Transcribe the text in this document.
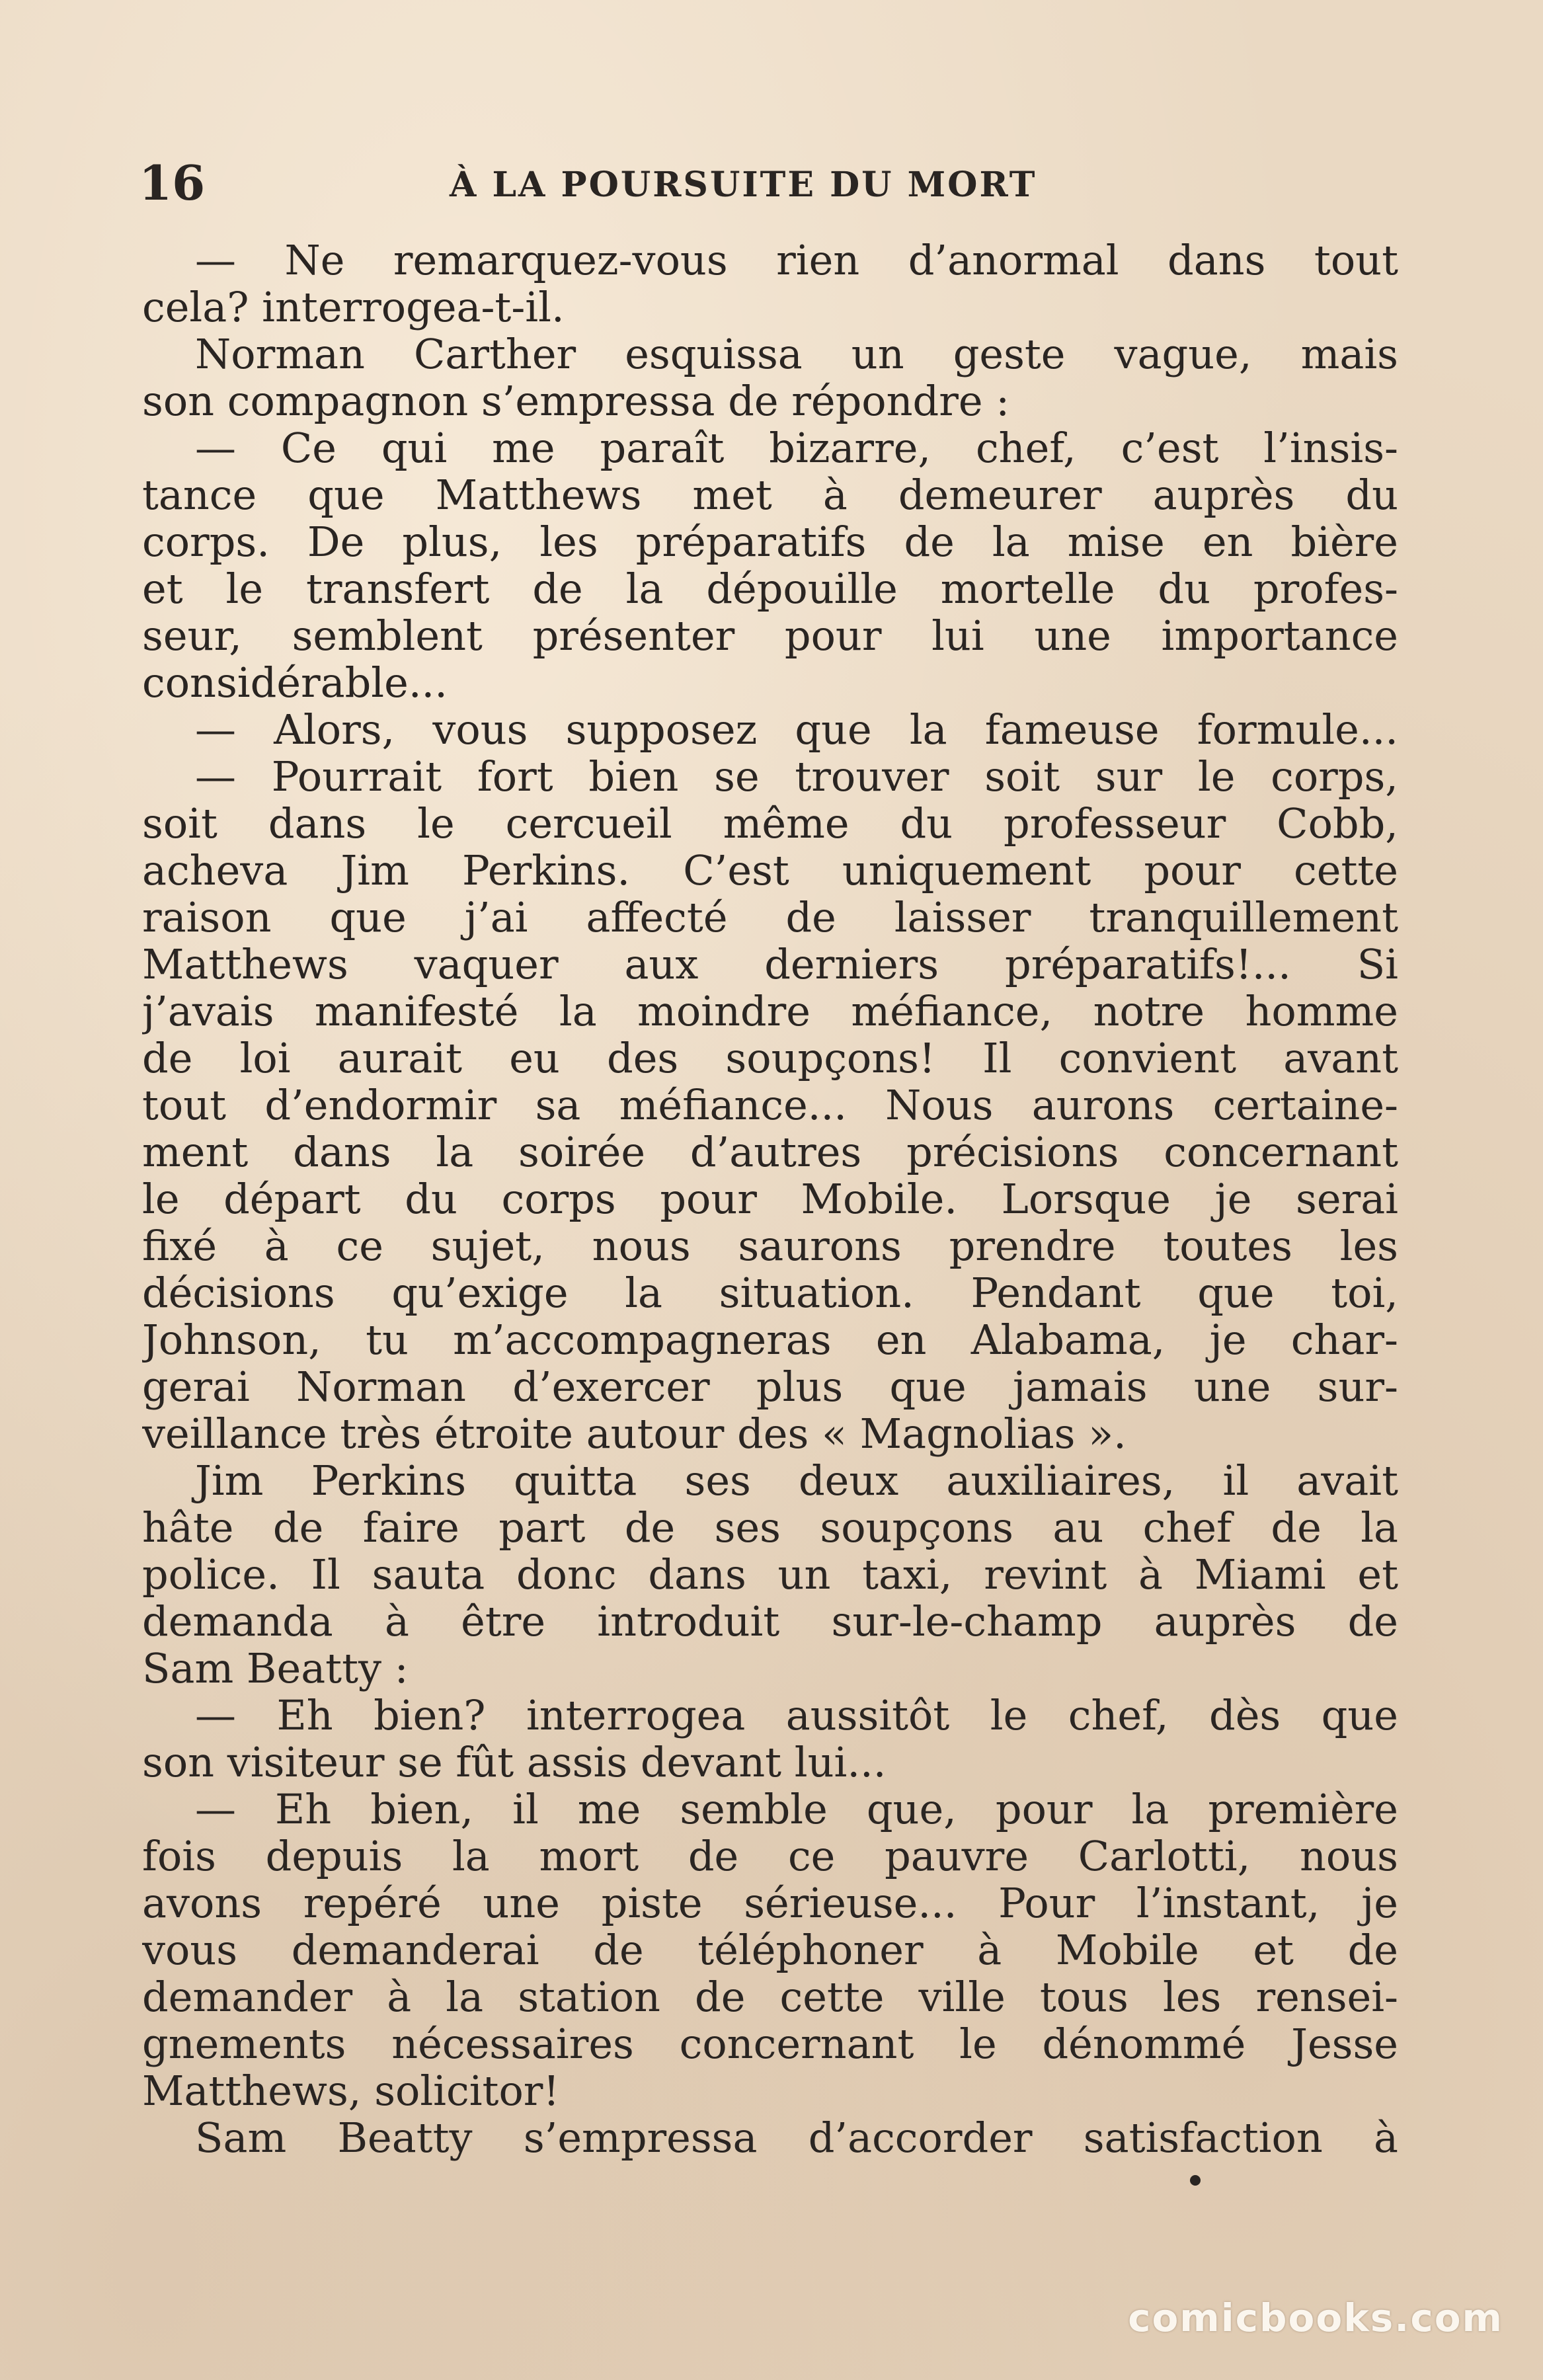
16	À LA POURSUITE DU MORT
— Ne remarquez-vous rien d’anormal dans tout
cela? interrogea-t-il.
Norman Carther esquissa un geste vague, mais
son compagnon s’empressa de répondre :
— Ce qui me paraît bizarre, chef, c’est l’insis-
tance que Matthews met à demeurer auprès du
corps. De plus, les préparatifs de la mise en bière
et le transfert de la dépouille mortelle du profes-
seur, semblent présenter pour lui une importance
considérable...
— Alors, vous supposez que la fameuse formule...
— Pourrait fort bien se trouver soit sur le corps,
soit dans le cercueil même du professeur Cobb,
acheva Jim Perkins. C’est uniquement pour cette
raison que j’ai affecté de laisser tranquillement
Matthews vaquer aux derniers préparatifs!... Si
j’avais manifesté la moindre méfiance, notre homme
de loi aurait eu des soupçons! Il convient avant
tout d’endormir sa méfiance... Nous aurons certaine-
ment dans la soirée d’autres précisions concernant
le départ du corps pour Mobile. Lorsque je serai
fixé à ce sujet, nous saurons prendre toutes les
décisions qu’exige la situation. Pendant que toi,
Johnson, tu m’accompagneras en Alabama, je char-
gerai Norman d’exercer plus que jamais une sur-
veillance très étroite autour des « Magnolias ».
Jim Perkins quitta ses deux auxiliaires, il avait
hâte de faire part de ses soupçons au chef de la
police. Il sauta donc dans un taxi, revint à Miami et
demanda à être introduit sur-le-champ auprès de
Sam Beatty :
— Eh bien? interrogea aussitôt le chef, dès que
son visiteur se fût assis devant lui...
— Eh bien, il me semble que, pour la première
fois depuis la mort de ce pauvre Carlotti, nous
avons repéré une piste sérieuse... Pour l’instant, je
vous demanderai de téléphoner à Mobile et de
demander à la station de cette ville tous les rensei-
gnements nécessaires concernant le dénommé Jesse
Matthews, solicitor!
Sam Beatty s’empressa d’accorder satisfaction à
comicbooks.com
